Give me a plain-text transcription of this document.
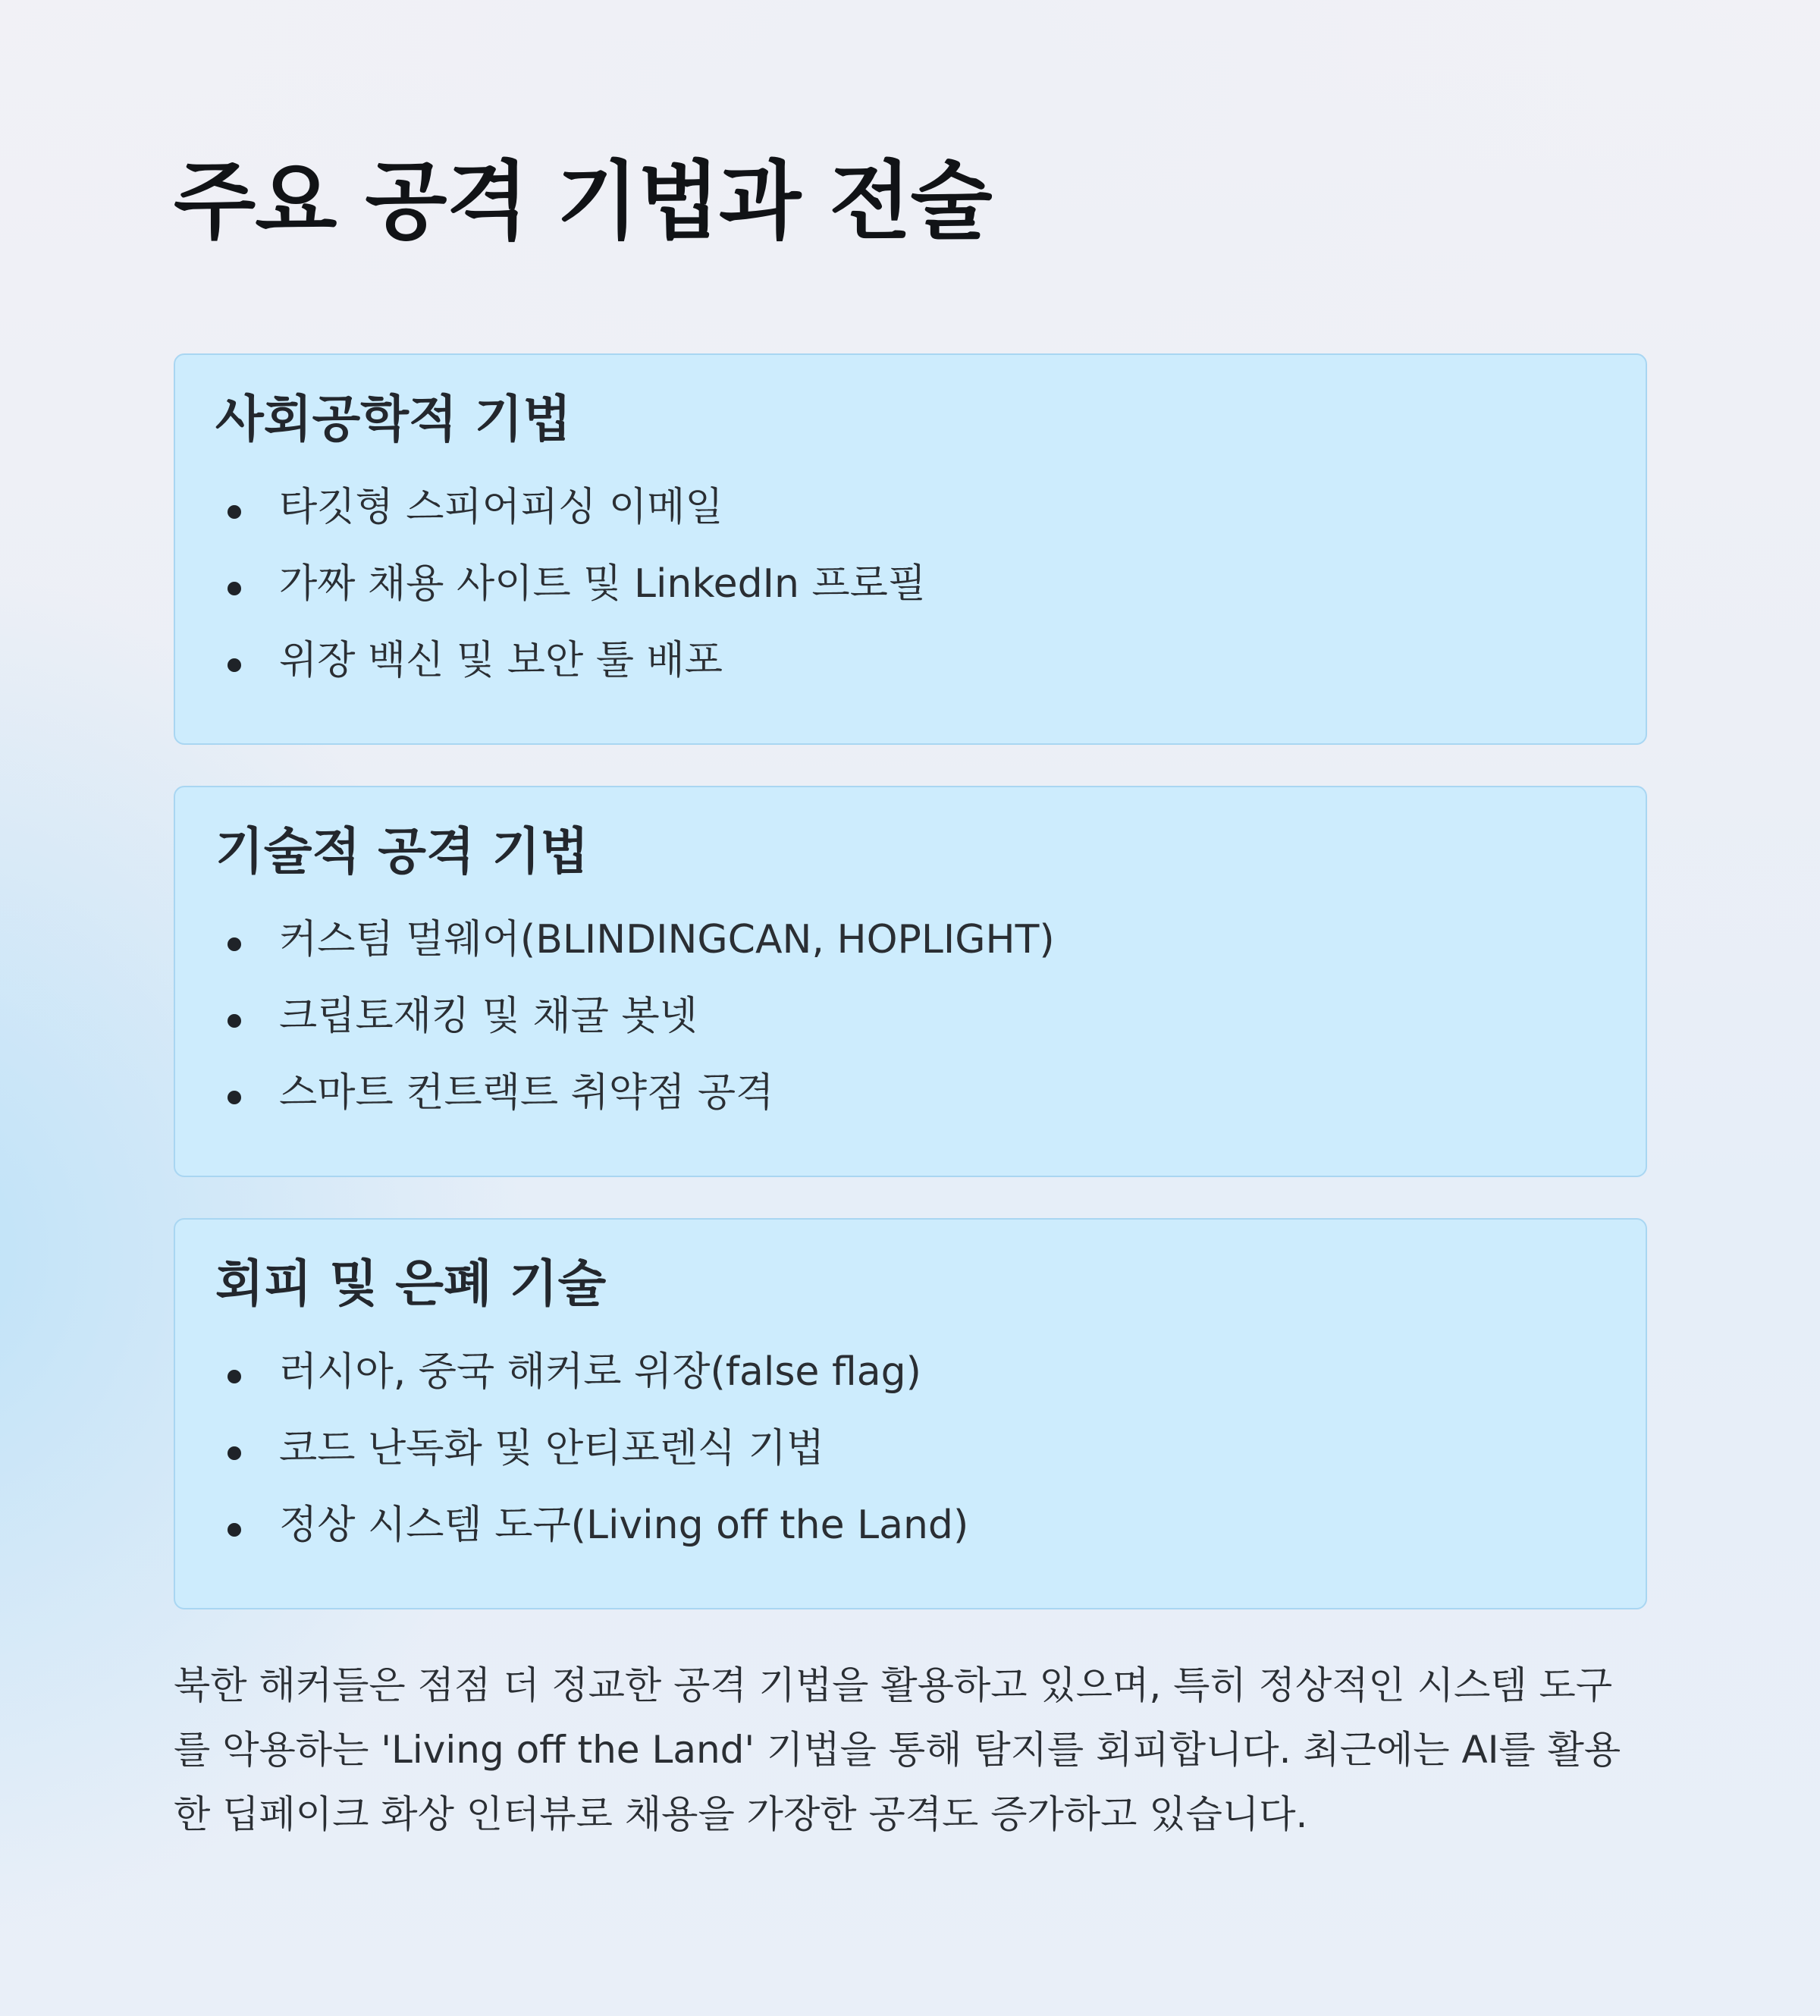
주요 공격 기법과 전술
사회공학적 기법
타깃형 스피어피싱 이메일
가짜 채용 사이트 및 LinkedIn 프로필
위장 백신 및 보안 툴 배포
기술적 공격 기법
커스텀 멀웨어(BLINDINGCAN, HOPLIGHT)
크립토재킹 및 채굴 봇넷
스마트 컨트랙트 취약점 공격
회피 및 은폐 기술
러시아, 중국 해커로 위장(false flag)
코드 난독화 및 안티포렌식 기법
정상 시스템 도구(Living off the Land)

북한 해커들은 점점 더 정교한 공격 기법을 활용하고 있으며, 특히 정상적인 시스템 도구를 악용하는 'Living off the Land' 기법을 통해 탐지를 회피합니다. 최근에는 AI를 활용한 딥페이크 화상 인터뷰로 채용을 가장한 공격도 증가하고 있습니다.
